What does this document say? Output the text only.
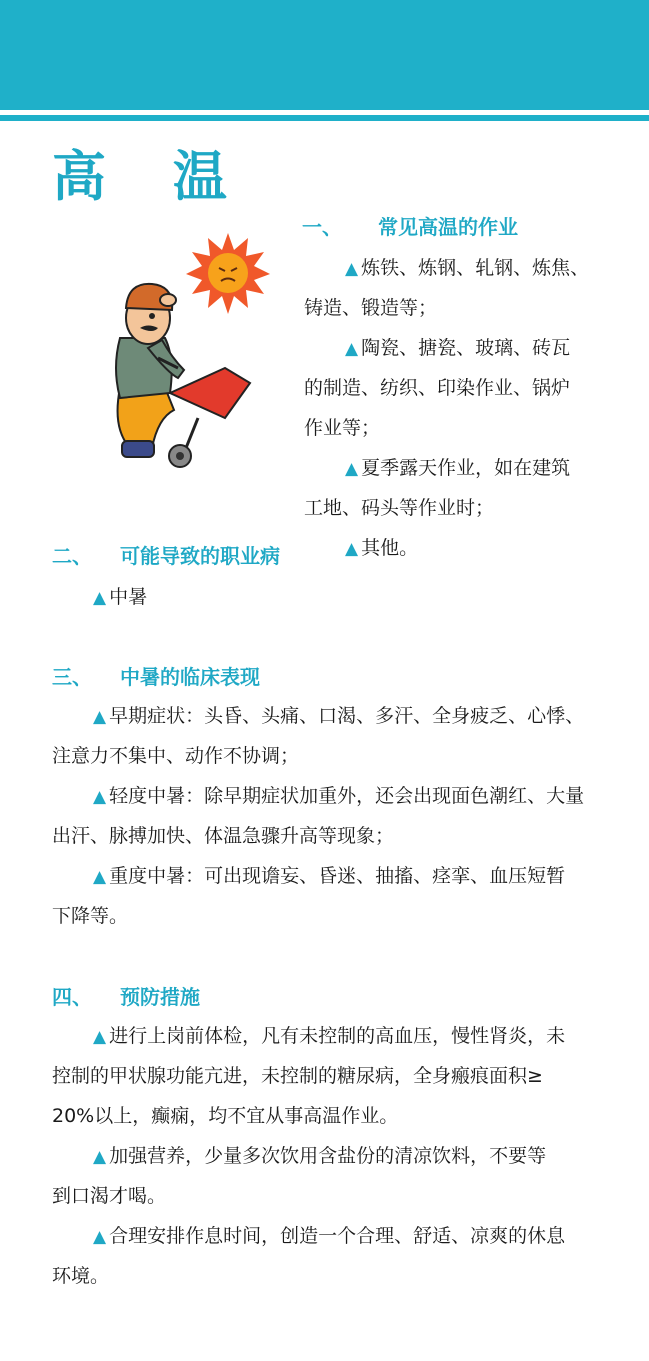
高 温
一、 常见高温的作业
▲ 炼铁、炼钢、轧钢、炼焦、
铸造、锻造等；
▲ 陶瓷、搪瓷、玻璃、砖瓦
的制造、纺织、印染作业、锅炉
作业等；
▲ 夏季露天作业，如在建筑
工地、码头等作业时；
▲ 其他。
二、 可能导致的职业病
▲ 中暑
三、 中暑的临床表现
▲ 早期症状：头昏、头痛、口渴、多汗、全身疲乏、心悸、
注意力不集中、动作不协调；
▲ 轻度中暑：除早期症状加重外，还会出现面色潮红、大量
出汗、脉搏加快、体温急骤升高等现象；
▲ 重度中暑：可出现谵妄、昏迷、抽搐、痉挛、血压短暂
下降等。
四、 预防措施
▲ 进行上岗前体检，凡有未控制的高血压，慢性肾炎，未
控制的甲状腺功能亢进，未控制的糖尿病，全身瘢痕面积≥
20%以上，癫痫，均不宜从事高温作业。
▲ 加强营养，少量多次饮用含盐份的清凉饮料，不要等
到口渴才喝。
▲ 合理安排作息时间，创造一个合理、舒适、凉爽的休息
环境。
